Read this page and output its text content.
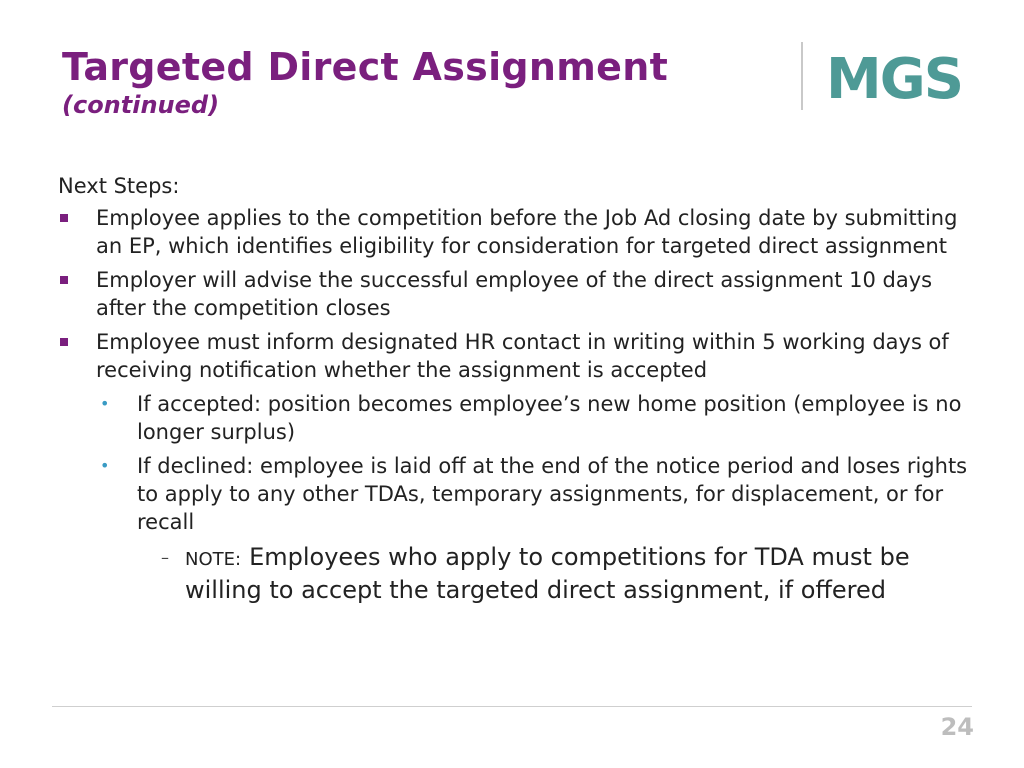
Targeted Direct Assignment
(continued)	MGS

Next Steps:

Employee applies to the competition before the Job Ad closing date by submitting an EP, which identifies eligibility for consideration for targeted direct assignment
Employer will advise the successful employee of the direct assignment 10 days after the competition closes
Employee must inform designated HR contact in writing within 5 working days of receiving notification whether the assignment is accepted
• If accepted: position becomes employee’s new home position (employee is no longer surplus)
• If declined: employee is laid off at the end of the notice period and loses rights to apply to any other TDAs, temporary assignments, for displacement, or for recall
– NOTE: Employees who apply to competitions for TDA must be willing to accept the targeted direct assignment, if offered
24
